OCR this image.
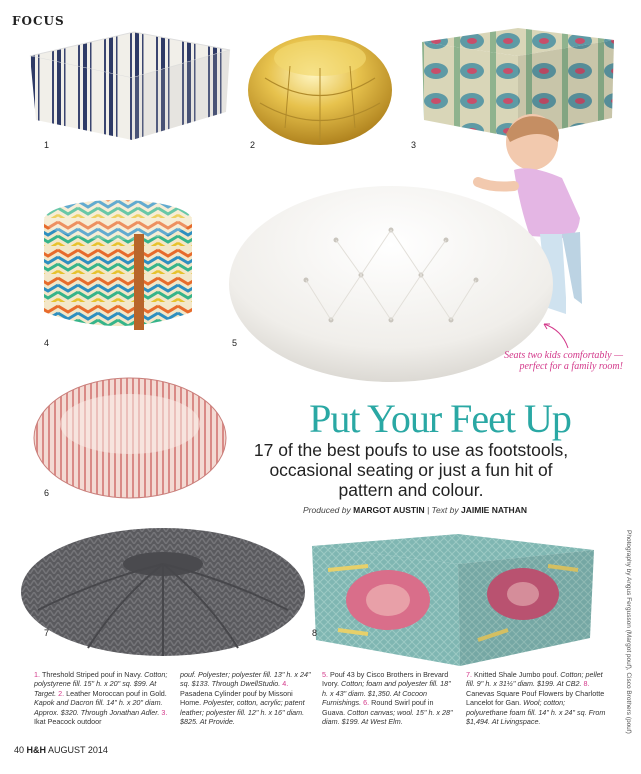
FOCUS
1	2	3
4	5
Seats two kids comfortably — perfect for a family room!
6
Put Your Feet Up
17 of the best poufs to use as footstools, occasional seating or just a fun hit of pattern and colour.
Produced by MARGOT AUSTIN | Text by JAIMIE NATHAN
7	8
1. Threshold Striped pouf in Navy. Cotton; polystyrene fill. 15" h. x 20" sq. $99. At Target. 2. Leather Moroccan pouf in Gold. Kapok and Dacron fill. 14" h. x 20" diam. Approx. $320. Through Jonathan Adler. 3. Ikat Peacock outdoor
pouf. Polyester; polyester fill. 13" h. x 24" sq. $133. Through DwellStudio. 4. Pasadena Cylinder pouf by Missoni Home. Polyester, cotton, acrylic; patent leather; polyester fill. 12" h. x 16" diam. $825. At Provide.
5. Pouf 43 by Cisco Brothers in Brevard Ivory. Cotton; foam and polyester fill. 18" h. x 43" diam. $1,350. At Cocoon Furnishings. 6. Round Swirl pouf in Guava. Cotton canvas; wool. 15" h. x 28" diam. $199. At West Elm.
7. Knitted Shale Jumbo pouf. Cotton; pellet fill. 9" h. x 31½" diam. $199. At CB2. 8. Canevas Square Pouf Flowers by Charlotte Lancelot for Gan. Wool; cotton; polyurethane foam fill. 14" h. x 24" sq. From $1,494. At Livingspace.	Photography by Angus Fergusson (Margot pouf), Cisco Brothers (pouf)
40 H&H AUGUST 2014
